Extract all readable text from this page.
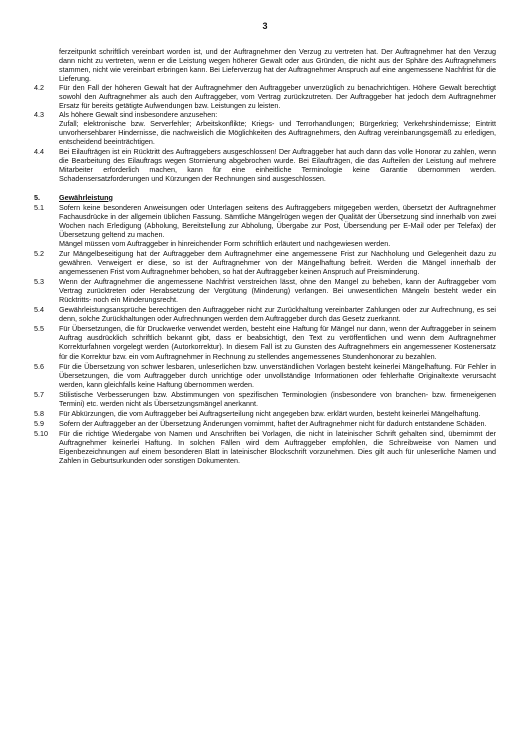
3
ferzeitpunkt schriftlich vereinbart worden ist, und der Auftragnehmer den Verzug zu vertreten hat. Der Auftragnehmer hat den Verzug dann nicht zu vertreten, wenn er die Leistung wegen höherer Gewalt oder aus Gründen, die nicht aus der Sphäre des Auftragnehmers stammen, nicht wie vereinbart erbringen kann. Bei Lieferverzug hat der Auftragnehmer Anspruch auf eine angemessene Nachfrist für die Lieferung.
4.2	Für den Fall der höheren Gewalt hat der Auftragnehmer den Auftraggeber unverzüglich zu benachrichtigen. Höhere Gewalt berechtigt sowohl den Auftragnehmer als auch den Auftraggeber, vom Vertrag zurückzutreten. Der Auftraggeber hat jedoch dem Auftragnehmer Ersatz für bereits getätigte Aufwendungen bzw. Leistungen zu leisten.
4.3	Als höhere Gewalt sind insbesondere anzusehen:
Zufall; elektronische bzw. Serverfehler; Arbeitskonflikte; Kriegs- und Terrorhandlungen; Bürgerkrieg; Verkehrshindernisse; Eintritt unvorhersehbarer Hindernisse, die nachweislich die Möglichkeiten des Auftragnehmers, den Auftrag vereinbarungsgemäß zu erledigen, entscheidend beeinträchtigen.
4.4	Bei Eilaufträgen ist ein Rücktritt des Auftraggebers ausgeschlossen! Der Auftraggeber hat auch dann das volle Honorar zu zahlen, wenn die Bearbeitung des Eilauftrags wegen Stornierung abgebrochen wurde. Bei Eilaufträgen, die das Aufteilen der Leistung auf mehrere Mitarbeiter erforderlich machen, kann für eine einheitliche Terminologie keine Garantie übernommen werden. Schadensersatzforderungen und Kürzungen der Rechnungen sind ausgeschlossen.
5.	Gewährleistung
5.1	Sofern keine besonderen Anweisungen oder Unterlagen seitens des Auftraggebers mitgegeben werden, übersetzt der Auftragnehmer Fachausdrücke in der allgemein üblichen Fassung. Sämtliche Mängelrügen wegen der Qualität der Übersetzung sind innerhalb von zwei Wochen nach Erledigung (Abholung, Bereitstellung zur Abholung, Übergabe zur Post, Übersendung per E-Mail oder per Telefax) der Übersetzung geltend zu machen.
Mängel müssen vom Auftraggeber in hinreichender Form schriftlich erläutert und nachgewiesen werden.
5.2	Zur Mängelbeseitigung hat der Auftraggeber dem Auftragnehmer eine angemessene Frist zur Nachholung und Gelegenheit dazu zu gewähren. Verweigert er diese, so ist der Auftragnehmer von der Mängelhaftung befreit. Werden die Mängel innerhalb der angemessenen Frist vom Auftragnehmer behoben, so hat der Auftraggeber keinen Anspruch auf Preisminderung.
5.3	Wenn der Auftragnehmer die angemessene Nachfrist verstreichen lässt, ohne den Mangel zu beheben, kann der Auftraggeber vom Vertrag zurücktreten oder Herabsetzung der Vergütung (Minderung) verlangen. Bei unwesentlichen Mängeln besteht weder ein Rücktritts- noch ein Minderungsrecht.
5.4	Gewährleistungsansprüche berechtigen den Auftraggeber nicht zur Zurückhaltung vereinbarter Zahlungen oder zur Aufrechnung, es sei denn, solche Zurückhaltungen oder Aufrechnungen werden dem Auftraggeber durch das Gesetz zuerkannt.
5.5	Für Übersetzungen, die für Druckwerke verwendet werden, besteht eine Haftung für Mängel nur dann, wenn der Auftraggeber in seinem Auftrag ausdrücklich schriftlich bekannt gibt, dass er beabsichtigt, den Text zu veröffentlichen und wenn dem Auftragnehmer Korrekturfahnen vorgelegt werden (Autorkorrektur). In diesem Fall ist zu Gunsten des Auftragnehmers ein angemessener Kostenersatz für die Korrektur bzw. ein vom Auftragnehmer in Rechnung zu stellendes angemessenes Stundenhonorar zu bezahlen.
5.6	Für die Übersetzung von schwer lesbaren, unleserlichen bzw. unverständlichen Vorlagen besteht keinerlei Mängelhaftung. Für Fehler in Übersetzungen, die vom Auftraggeber durch unrichtige oder unvollständige Informationen oder fehlerhafte Originaltexte verursacht werden, kann gleichfalls keine Haftung übernommen werden.
5.7	Stilistische Verbesserungen bzw. Abstimmungen von spezifischen Terminologien (insbesondere von branchen- bzw. firmeneigenen Termini) etc. werden nicht als Übersetzungsmängel anerkannt.
5.8	Für Abkürzungen, die vom Auftraggeber bei Auftragserteilung nicht angegeben bzw. erklärt wurden, besteht keinerlei Mängelhaftung.
5.9	Sofern der Auftraggeber an der Übersetzung Änderungen vornimmt, haftet der Auftragnehmer nicht für dadurch entstandene Schäden.
5.10	Für die richtige Wiedergabe von Namen und Anschriften bei Vorlagen, die nicht in lateinischer Schrift gehalten sind, übernimmt der Auftragnehmer keinerlei Haftung. In solchen Fällen wird dem Auftraggeber empfohlen, die Schreibweise von Namen und Eigenbezeichnungen auf einem besonderen Blatt in lateinischer Blockschrift vorzunehmen. Dies gilt auch für unleserliche Namen und Zahlen in Geburtsurkunden oder sonstigen Dokumenten.
